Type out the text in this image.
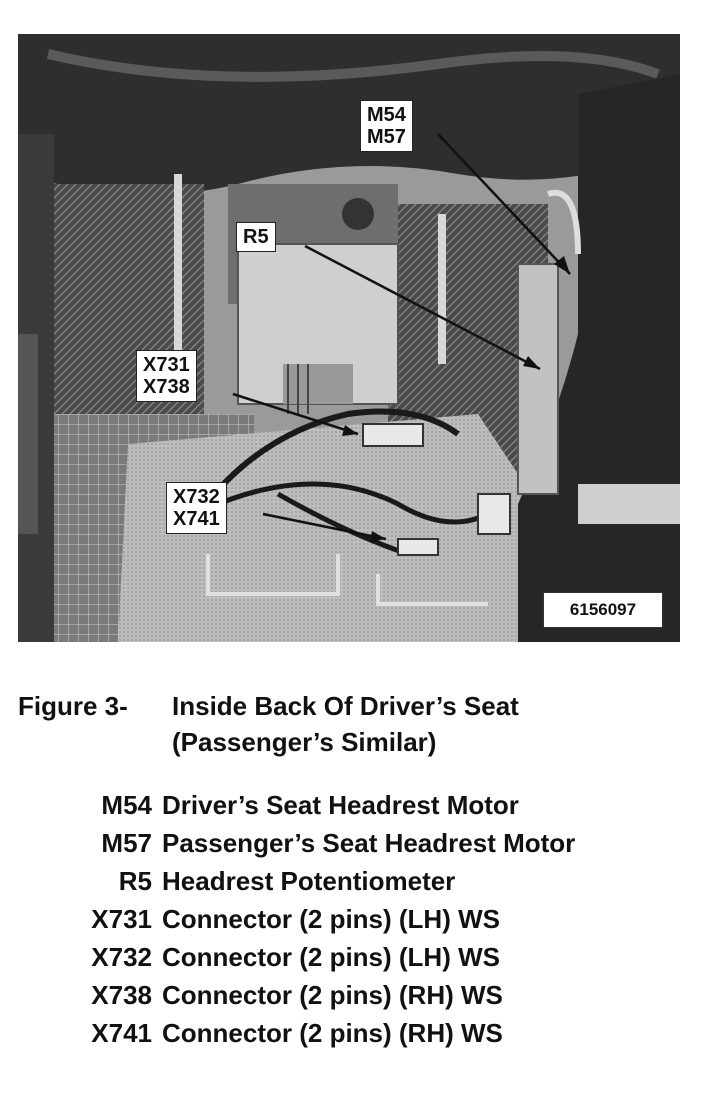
M54
M57
R5
X731
X738
X732
X741
6156097
Figure 3- Inside Back Of Driver’s Seat
(Passenger’s Similar)
M54 Driver’s Seat Headrest Motor
M57 Passenger’s Seat Headrest Motor
R5 Headrest Potentiometer
X731 Connector (2 pins) (LH) WS
X732 Connector (2 pins) (LH) WS
X738 Connector (2 pins) (RH) WS
X741 Connector (2 pins) (RH) WS
